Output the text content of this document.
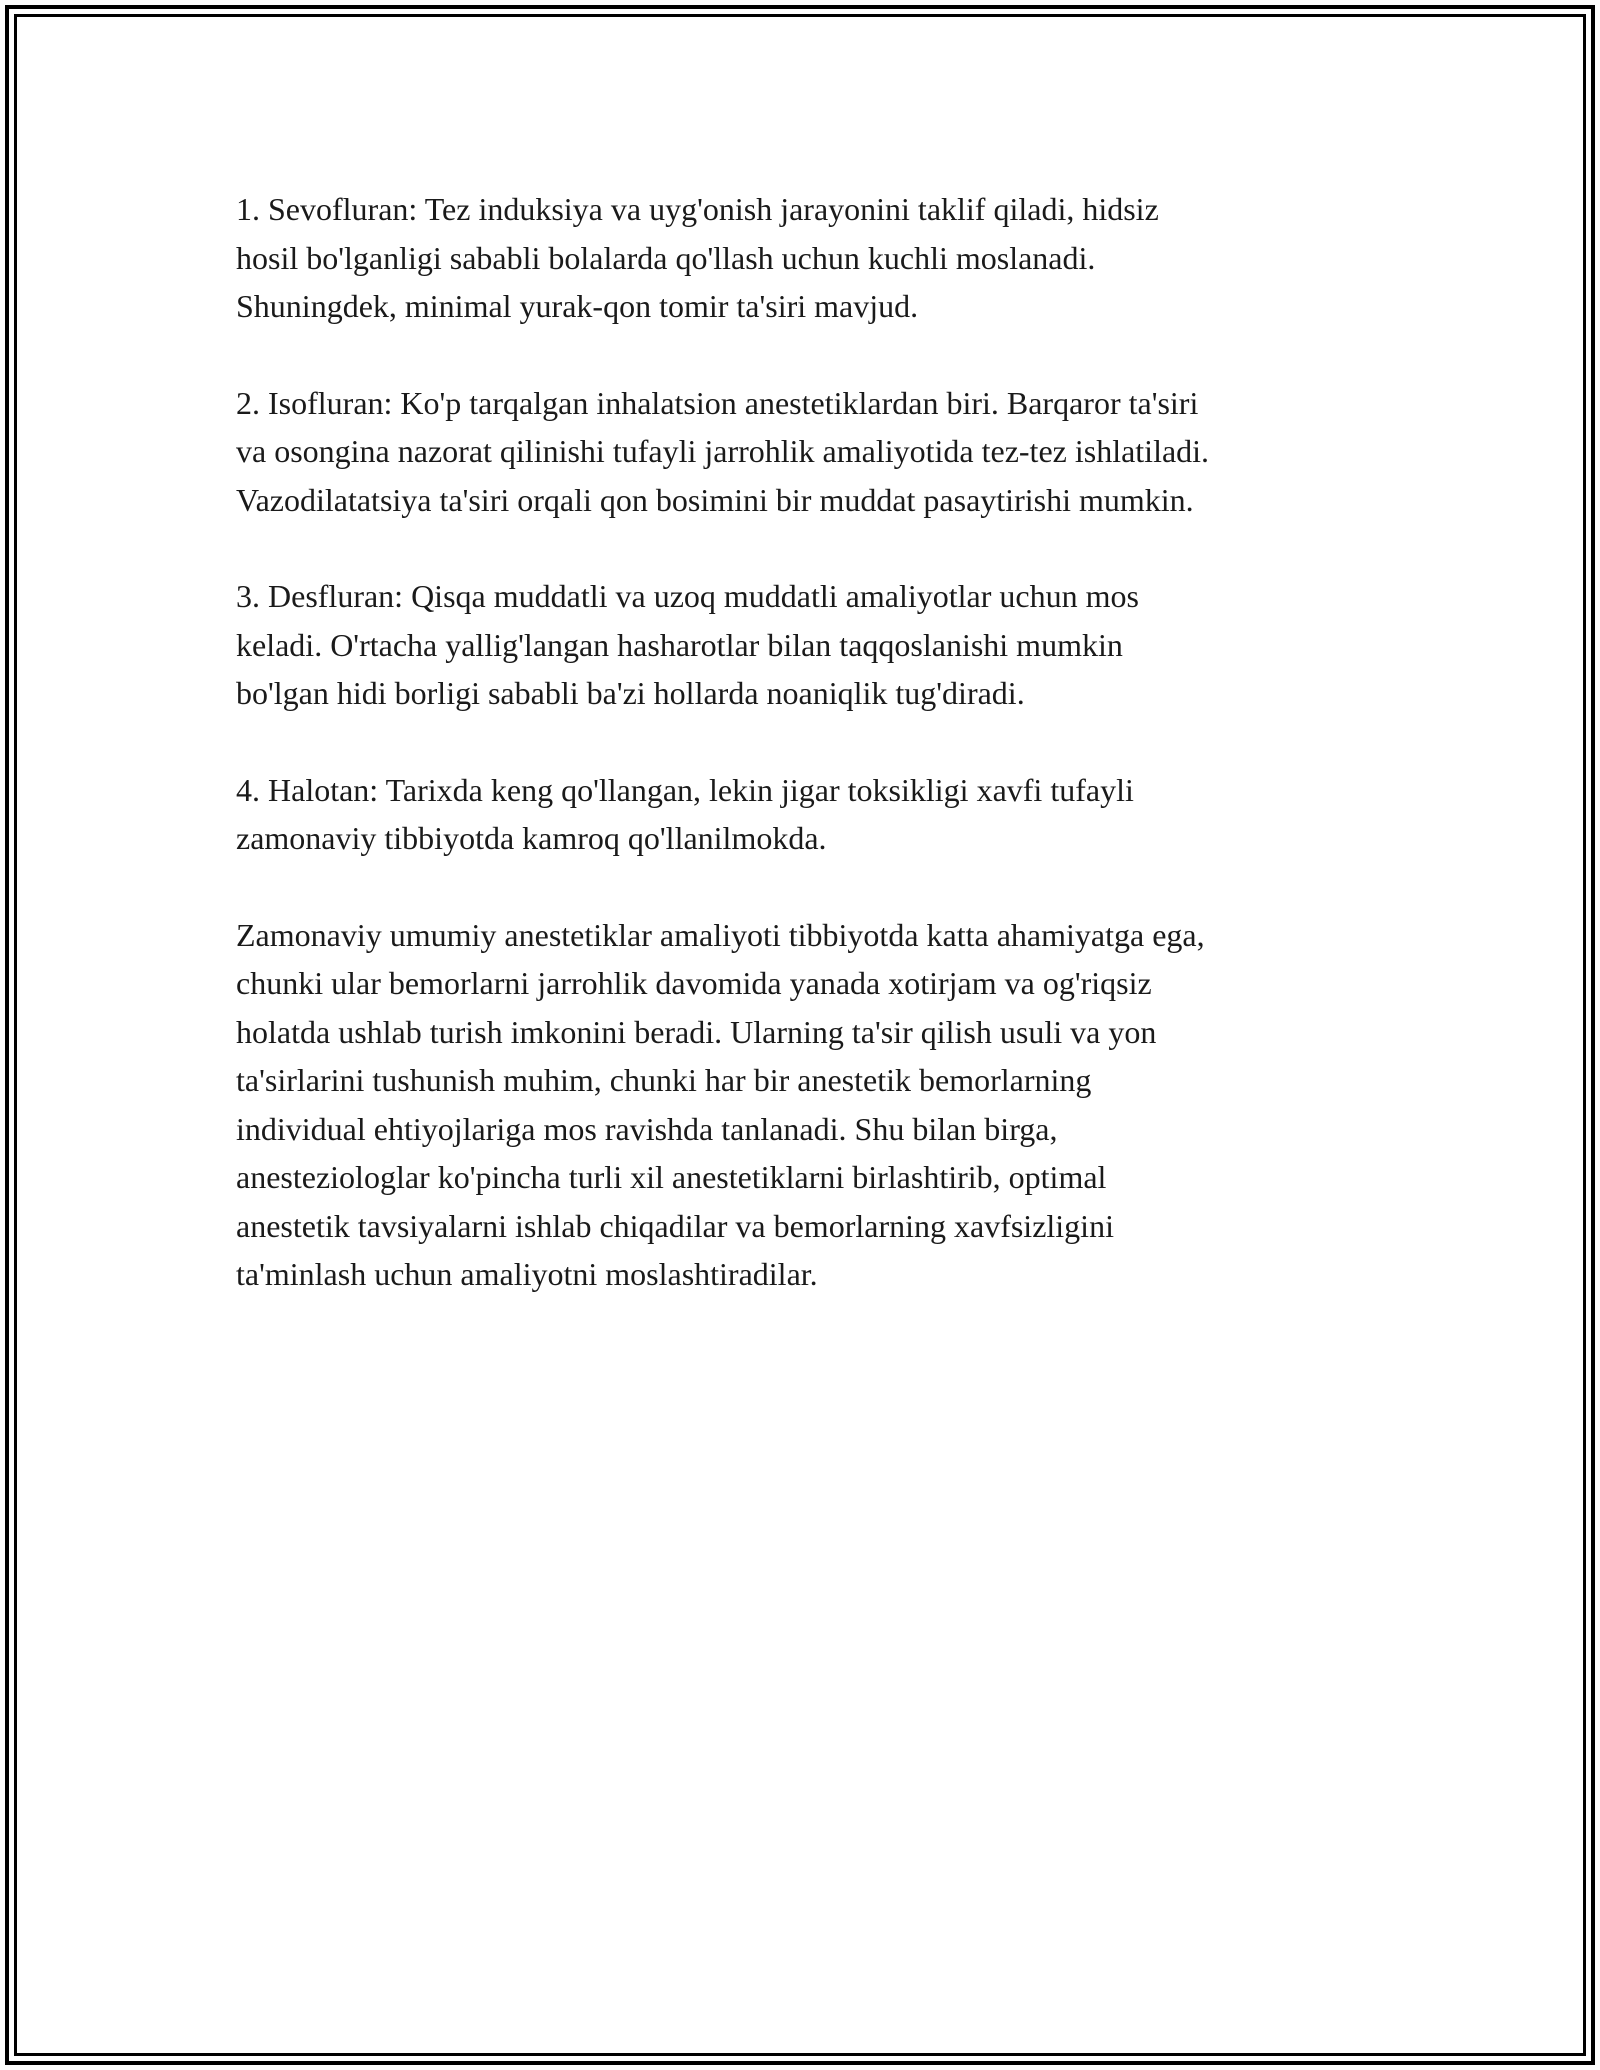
1. Sevofluran: Tez induksiya va uyg'onish jarayonini taklif qiladi, hidsiz
hosil bo'lganligi sababli bolalarda qo'llash uchun kuchli moslanadi.
Shuningdek, minimal yurak-qon tomir ta'siri mavjud.

2. Isofluran: Ko'p tarqalgan inhalatsion anestetiklardan biri. Barqaror ta'siri
va osongina nazorat qilinishi tufayli jarrohlik amaliyotida tez-tez ishlatiladi.
Vazodilatatsiya ta'siri orqali qon bosimini bir muddat pasaytirishi mumkin.

3. Desfluran: Qisqa muddatli va uzoq muddatli amaliyotlar uchun mos
keladi. O'rtacha yallig'langan hasharotlar bilan taqqoslanishi mumkin
bo'lgan hidi borligi sababli ba'zi hollarda noaniqlik tug'diradi.

4. Halotan: Tarixda keng qo'llangan, lekin jigar toksikligi xavfi tufayli
zamonaviy tibbiyotda kamroq qo'llanilmokda.

Zamonaviy umumiy anestetiklar amaliyoti tibbiyotda katta ahamiyatga ega,
chunki ular bemorlarni jarrohlik davomida yanada xotirjam va og'riqsiz
holatda ushlab turish imkonini beradi. Ularning ta'sir qilish usuli va yon
ta'sirlarini tushunish muhim, chunki har bir anestetik bemorlarning
individual ehtiyojlariga mos ravishda tanlanadi. Shu bilan birga,
anesteziologlar ko'pincha turli xil anestetiklarni birlashtirib, optimal
anestetik tavsiyalarni ishlab chiqadilar va bemorlarning xavfsizligini
ta'minlash uchun amaliyotni moslashtiradilar.
